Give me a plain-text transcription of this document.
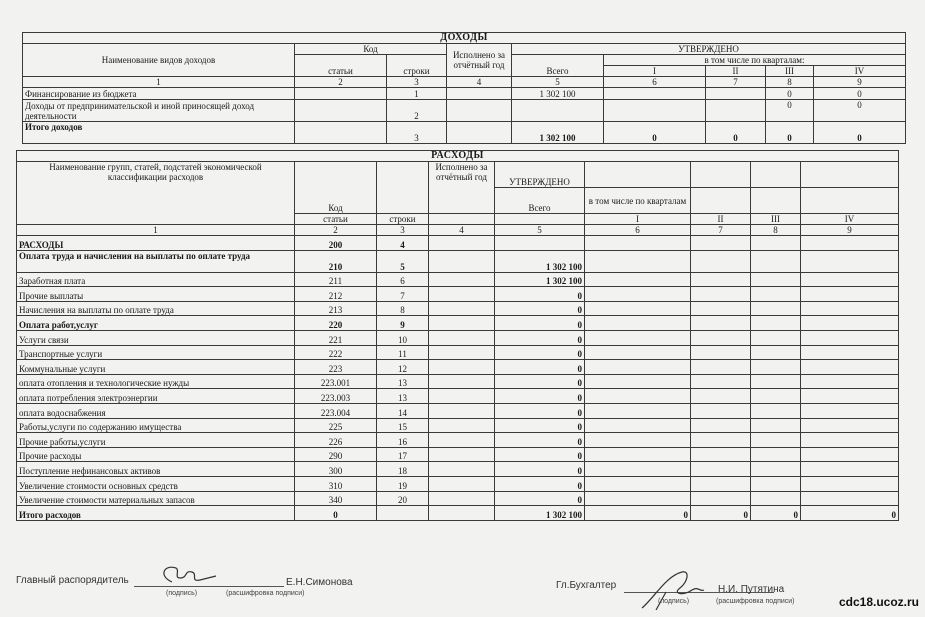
ДОХОДЫ								
Наименование видов доходов	Код		Исполнено за отчётный год	УТВЕРЖДЕНО				
	статьи	строки		Всего	в том числе по кварталам:			
					I	II	III	IV
1	2	3	4	5	6	7	8	9
Финансирование из бюджета		1		1 302 100			0	0
Доходы от предпринимательской и иной приносящей доход деятельности		2					0	0
Итого доходов		3		1 302 100	0	0	0	0
РАСХОДЫ								
Наименование групп, статей, подстатей экономической классификации расходов	Код		Исполнено за отчётный год	УТВЕРЖДЕНО				
				Всего	в том числе по кварталам			
	статьи	строки			I	II	III	IV
1	2	3	4	5	6	7	8	9
РАСХОДЫ	200	4						
Оплата труда и начисления на выплаты по оплате труда	210	5		1 302 100				
Заработная плата	211	6		1 302 100				
Прочие выплаты	212	7		0				
Начисления на выплаты по оплате труда	213	8		0				
Оплата работ,услуг	220	9		0				
Услуги связи	221	10		0				
Транспортные услуги	222	11		0				
Коммунальные услуги	223	12		0				
оплата отопления и технологические нужды	223.001	13		0				
оплата потребления электроэнергии	223.003	13		0				
оплата водоснабжения	223.004	14		0				
Работы,услуги по содержанию имущества	225	15		0				
Прочие работы,услуги	226	16		0				
Прочие расходы	290	17		0				
Поступление нефинансовых активов	300	18		0				
Увеличение стоимости основных средств	310	19		0				
Увеличение стоимости материальных запасов	340	20		0				
Итого расходов	0			1 302 100	0	0	0	0
Главный распорядитель	Е.Н.Симонова
(подпись)	(расшифровка подписи)
Гл.Бухгалтер	Н.И. Путятина
(подпись)	(расшифровка подписи)	cdc18.ucoz.ru
